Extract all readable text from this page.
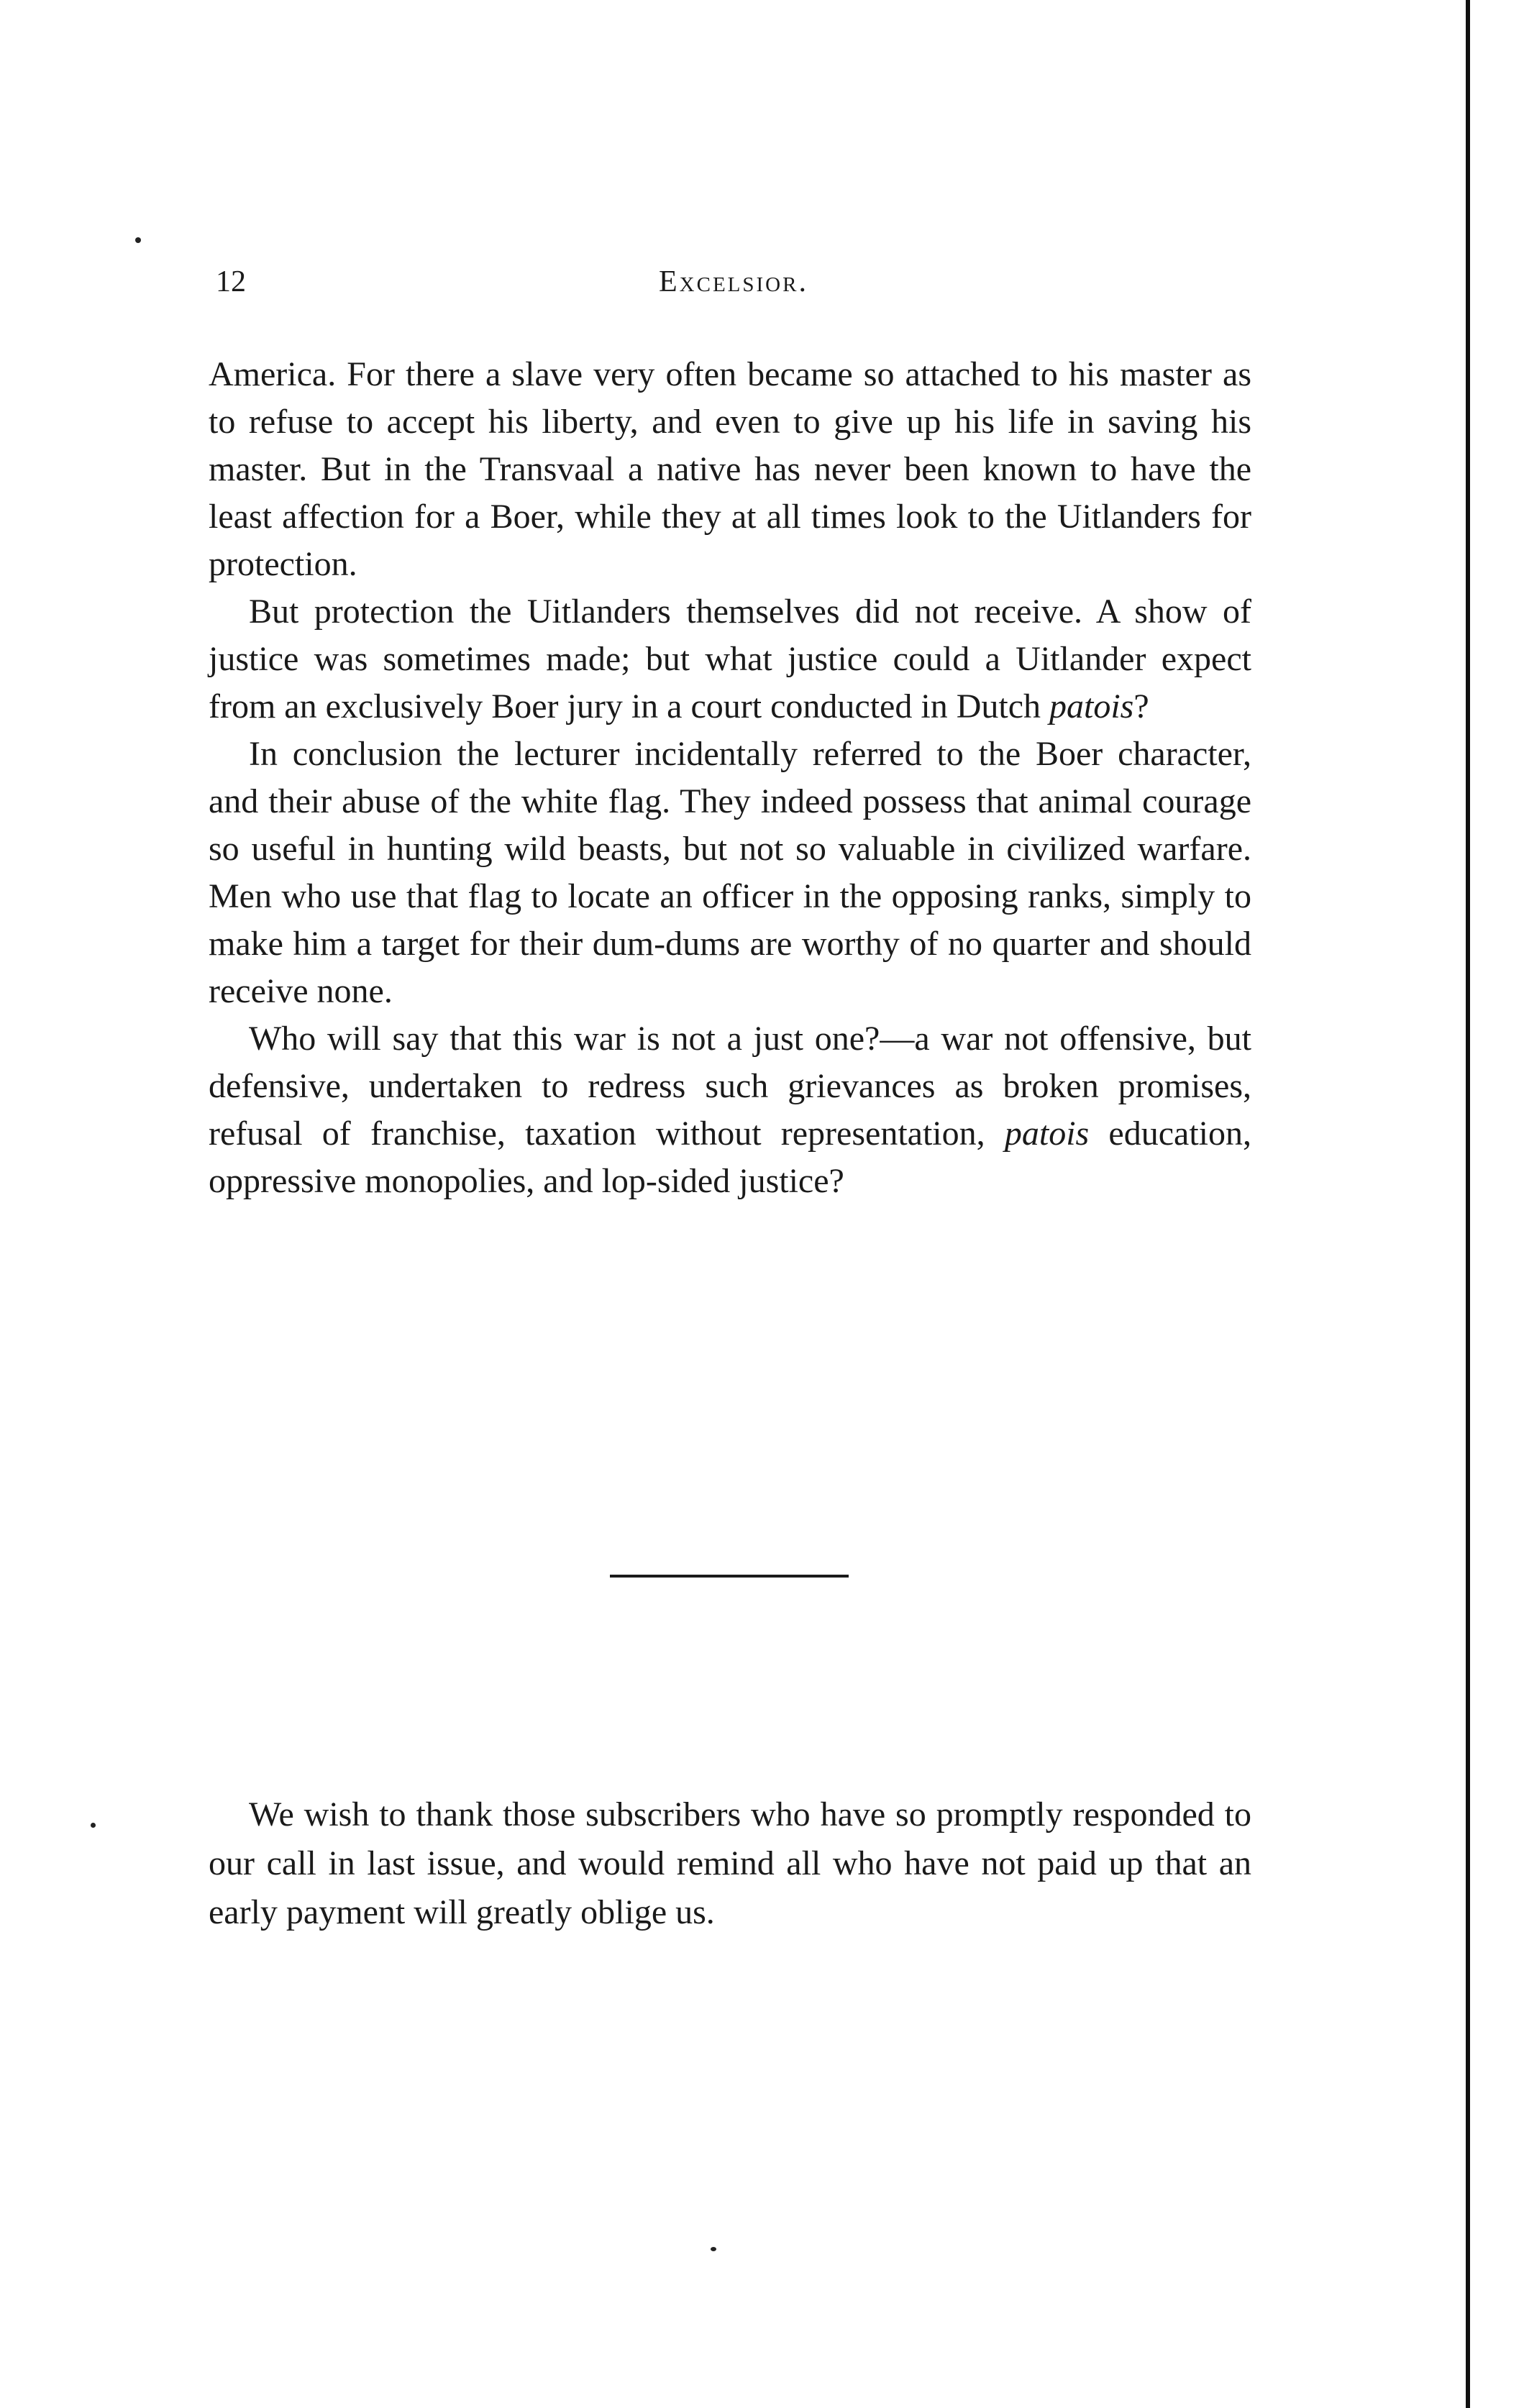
12	Excelsior.

America. For there a slave very often became so attached to his master as to refuse to accept his liberty, and even to give up his life in saving his master. But in the Transvaal a native has never been known to have the least affection for a Boer, while they at all times look to the Uitlanders for protection.

But protection the Uitlanders themselves did not receive. A show of justice was sometimes made; but what justice could a Uitlander expect from an exclusively Boer jury in a court conducted in Dutch patois?

In conclusion the lecturer incidentally referred to the Boer character, and their abuse of the white flag. They indeed possess that animal courage so useful in hunting wild beasts, but not so valuable in civilized warfare. Men who use that flag to locate an officer in the opposing ranks, simply to make him a target for their dum-dums are worthy of no quarter and should receive none.

Who will say that this war is not a just one?—a war not offensive, but defensive, undertaken to redress such grievances as broken promises, refusal of franchise, taxation without representation, patois education, oppressive monopolies, and lop-sided justice?

We wish to thank those subscribers who have so promptly responded to our call in last issue, and would remind all who have not paid up that an early payment will greatly oblige us.
